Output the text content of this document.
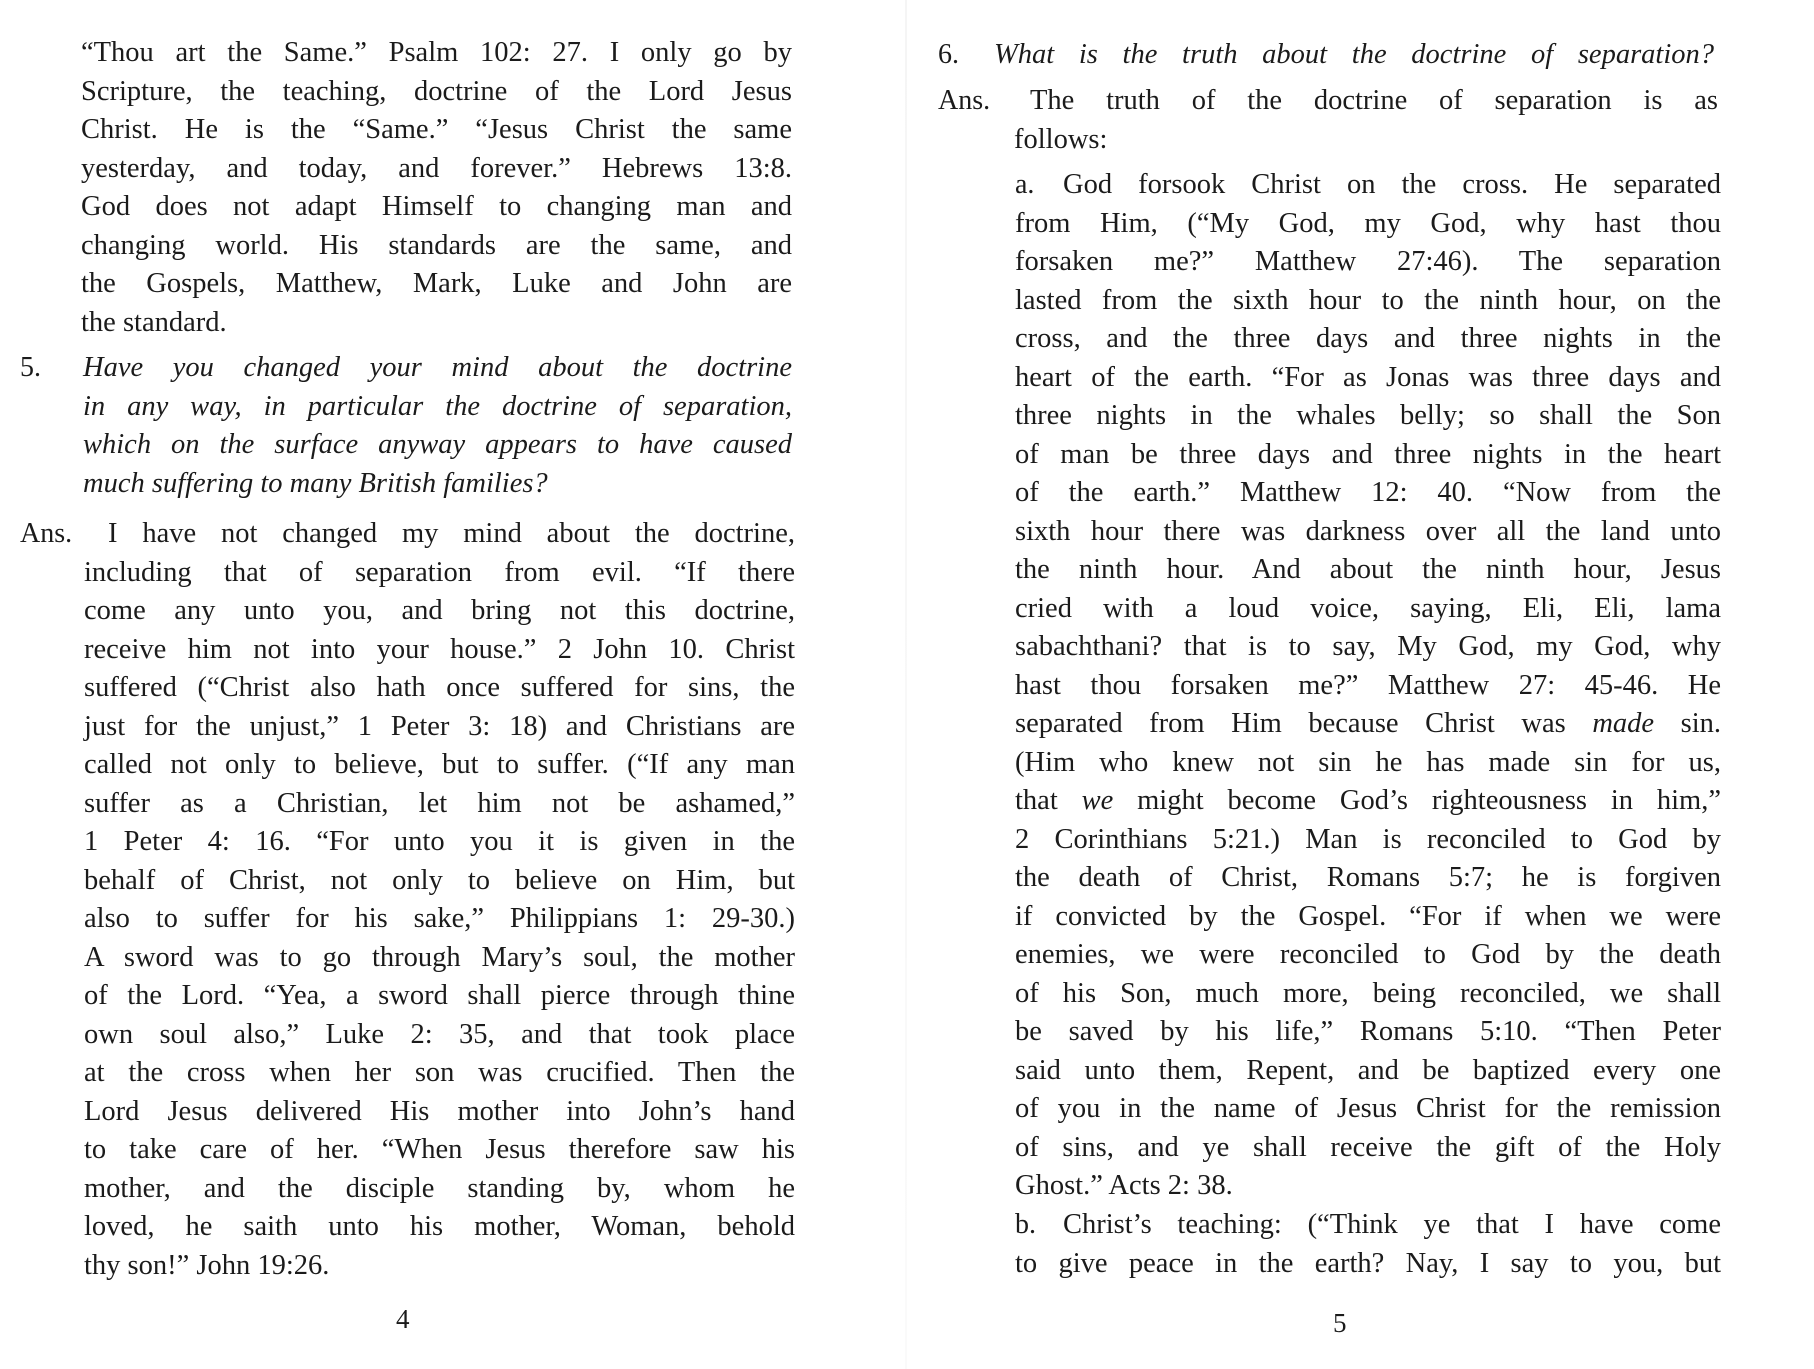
“Thou art the Same.” Psalm 102: 27. I only go by
Scripture, the teaching, doctrine of the Lord Jesus
Christ. He is the “Same.” “Jesus Christ the same
yesterday, and today, and forever.” Hebrews 13:8.
God does not adapt Himself to changing man and
changing world. His standards are the same, and
the Gospels, Matthew, Mark, Luke and John are
the standard.
5. Have you changed your mind about the doctrine
in any way, in particular the doctrine of separation,
which on the surface anyway appears to have caused
much suffering to many British families?
Ans. I have not changed my mind about the doctrine,
including that of separation from evil. “If there
come any unto you, and bring not this doctrine,
receive him not into your house.” 2 John 10. Christ
suffered (“Christ also hath once suffered for sins, the
just for the unjust,” 1 Peter 3: 18) and Christians are
called not only to believe, but to suffer. (“If any man
suffer as a Christian, let him not be ashamed,”
1 Peter 4: 16. “For unto you it is given in the
behalf of Christ, not only to believe on Him, but
also to suffer for his sake,” Philippians 1: 29-30.)
A sword was to go through Mary’s soul, the mother
of the Lord. “Yea, a sword shall pierce through thine
own soul also,” Luke 2: 35, and that took place
at the cross when her son was crucified. Then the
Lord Jesus delivered His mother into John’s hand
to take care of her. “When Jesus therefore saw his
mother, and the disciple standing by, whom he
loved, he saith unto his mother, Woman, behold
thy son!” John 19:26.
4
6. What is the truth about the doctrine of separation?
Ans. The truth of the doctrine of separation is as
follows:
a. God forsook Christ on the cross. He separated
from Him, (“My God, my God, why hast thou
forsaken me?” Matthew 27:46). The separation
lasted from the sixth hour to the ninth hour, on the
cross, and the three days and three nights in the
heart of the earth. “For as Jonas was three days and
three nights in the whales belly; so shall the Son
of man be three days and three nights in the heart
of the earth.” Matthew 12: 40. “Now from the
sixth hour there was darkness over all the land unto
the ninth hour. And about the ninth hour, Jesus
cried with a loud voice, saying, Eli, Eli, lama
sabachthani? that is to say, My God, my God, why
hast thou forsaken me?” Matthew 27: 45-46. He
separated from Him because Christ was made sin.
(Him who knew not sin he has made sin for us,
that we might become God’s righteousness in him,”
2 Corinthians 5:21.) Man is reconciled to God by
the death of Christ, Romans 5:7; he is forgiven
if convicted by the Gospel. “For if when we were
enemies, we were reconciled to God by the death
of his Son, much more, being reconciled, we shall
be saved by his life,” Romans 5:10. “Then Peter
said unto them, Repent, and be baptized every one
of you in the name of Jesus Christ for the remission
of sins, and ye shall receive the gift of the Holy
Ghost.” Acts 2: 38.
b. Christ’s teaching: (“Think ye that I have come
to give peace in the earth? Nay, I say to you, but
5
